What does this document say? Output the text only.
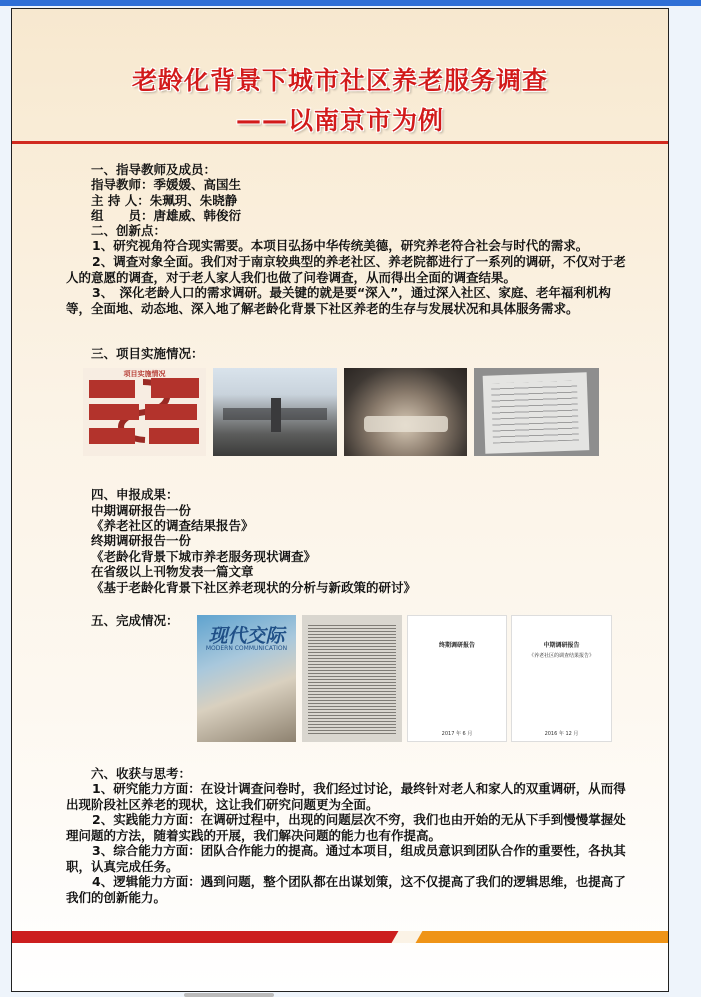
老龄化背景下城市社区养老服务调查
——以南京市为例
一、指导教师及成员：
指导教师：季媛媛、高国生
主 持 人：朱珮玥、朱晓静
组　　员：唐雄威、韩俊衍
二、创新点：
1、研究视角符合现实需要。本项目弘扬中华传统美德，研究养老符合社会与时代的需求。
2、调查对象全面。我们对于南京较典型的养老社区、养老院都进行了一系列的调研，不仅对于老人的意愿的调查，对于老人家人我们也做了问卷调查，从而得出全面的调查结果。
3、　深化老龄人口的需求调研。最关键的就是要“深入”，通过深入社区、家庭、老年福利机构等，全面地、动态地、深入地了解老龄化背景下社区养老的生存与发展状况和具体服务需求。
三、项目实施情况：
项目实施情况
四、申报成果：
中期调研报告一份
《养老社区的调查结果报告》
终期调研报告一份
《老龄化背景下城市养老服务现状调查》
在省级以上刊物发表一篇文章
《基于老龄化背景下社区养老现状的分析与新政策的研讨》
五、完成情况：
现代交际
MODERN COMMUNICATION	终期调研报告
2017 年 6 月
中期调研报告
《养老社区的调查结果报告》
2016 年 12 月
六、收获与思考：
1、研究能力方面：在设计调查问卷时，我们经过讨论，最终针对老人和家人的双重调研，从而得出现阶段社区养老的现状，这让我们研究问题更为全面。
2、实践能力方面：在调研过程中，出现的问题层次不穷，我们也由开始的无从下手到慢慢掌握处理问题的方法，随着实践的开展，我们解决问题的能力也有作提高。
3、综合能力方面：团队合作能力的提高。通过本项目，组成员意识到团队合作的重要性，各执其职，认真完成任务。
4、逻辑能力方面：遇到问题，整个团队都在出谋划策，这不仅提高了我们的逻辑思维，也提高了我们的创新能力。
